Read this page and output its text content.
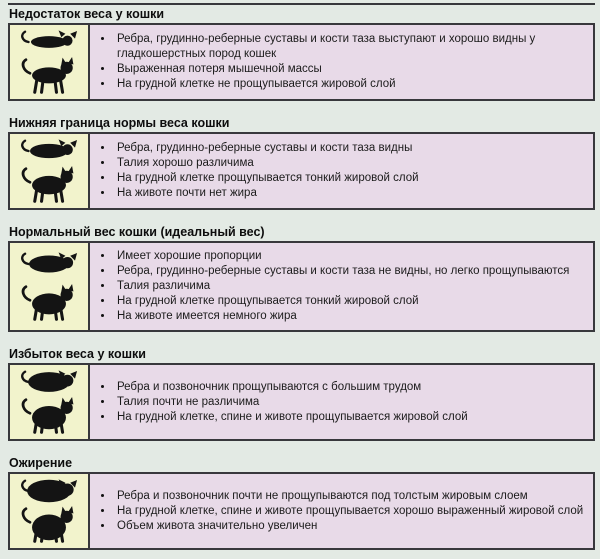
Недостаток веса у кошки
• Ребра, грудинно-реберные суставы и кости таза выступают и хорошо видны у гладкошерстных пород кошек
• Выраженная потеря мышечной массы
• На грудной клетке не прощупывается жировой слой
Нижняя граница нормы веса кошки
• Ребра, грудинно-реберные суставы и кости таза видны
• Талия хорошо различима
• На грудной клетке прощупывается тонкий жировой слой
• На животе почти нет жира
Нормальный вес кошки (идеальный вес)
• Имеет хорошие пропорции
• Ребра, грудинно-реберные суставы и кости таза не видны, но легко прощупываются
• Талия различима
• На грудной клетке прощупывается тонкий жировой слой
• На животе имеется немного жира
Избыток веса у кошки
• Ребра и позвоночник прощупываются с большим трудом
• Талия почти не различима
• На грудной клетке, спине и животе прощупывается жировой слой
Ожирение
• Ребра и позвоночник почти не прощупываются под толстым жировым слоем
• На грудной клетке, спине и животе прощупывается хорошо выраженный жировой слой
• Объем живота значительно увеличен
